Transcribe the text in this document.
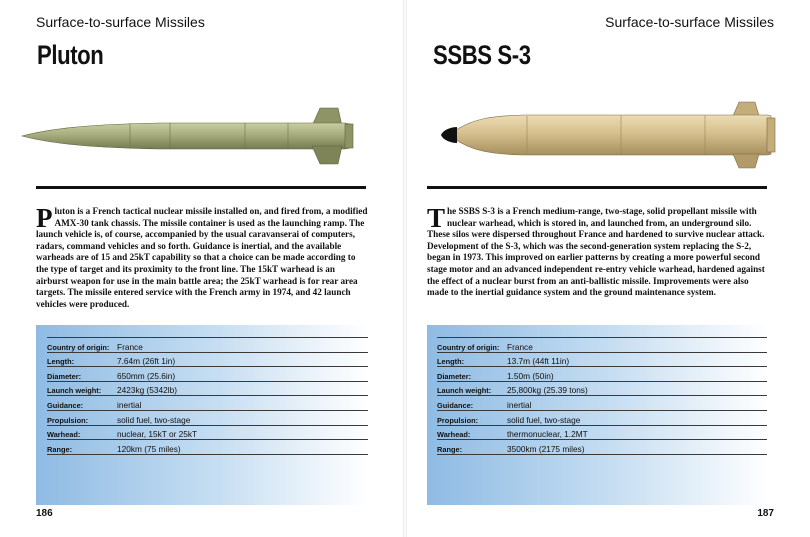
Surface-to-surface Missiles
Pluton

Pluton is a French tactical nuclear missile installed on, and fired from, a modified AMX-30 tank chassis. The missile container is used as the launching ramp. The launch vehicle is, of course, accompanied by the usual caravanserai of computers, radars, command vehicles and so forth. Guidance is inertial, and the available warheads are of 15 and 25kT capability so that a choice can be made according to the type of target and its proximity to the front line. The 15kT warhead is an airburst weapon for use in the main battle area; the 25kT warhead is for rear area targets. The missile entered service with the French army in 1974, and 42 launch vehicles were produced.

Country of origin: France
Length:	7.64m (26ft 1in)
Diameter:	650mm (25.6in)
Launch weight:	2423kg (5342lb)
Guidance:	inertial
Propulsion:	solid fuel, two-stage
Warhead:	nuclear, 15kT or 25kT
Range:	120km (75 miles)
186
Surface-to-surface Missiles
SSBS S-3

The SSBS S-3 is a French medium-range, two-stage, solid propellant missile with nuclear warhead, which is stored in, and launched from, an underground silo. These silos were dispersed throughout France and hardened to survive nuclear attack. Development of the S-3, which was the second-generation system replacing the S-2, began in 1973. This improved on earlier patterns by creating a more powerful second stage motor and an advanced independent re-entry vehicle warhead, hardened against the effect of a nuclear burst from an anti-ballistic missile. Improvements were also made to the inertial guidance system and the ground maintenance system.

Country of origin: France
Length:	13.7m (44ft 11in)
Diameter:	1.50m (50in)
Launch weight:	25,800kg (25.39 tons)
Guidance:	inertial
Propulsion:	solid fuel, two-stage
Warhead:	thermonuclear, 1.2MT
Range:	3500km (2175 miles)
187
